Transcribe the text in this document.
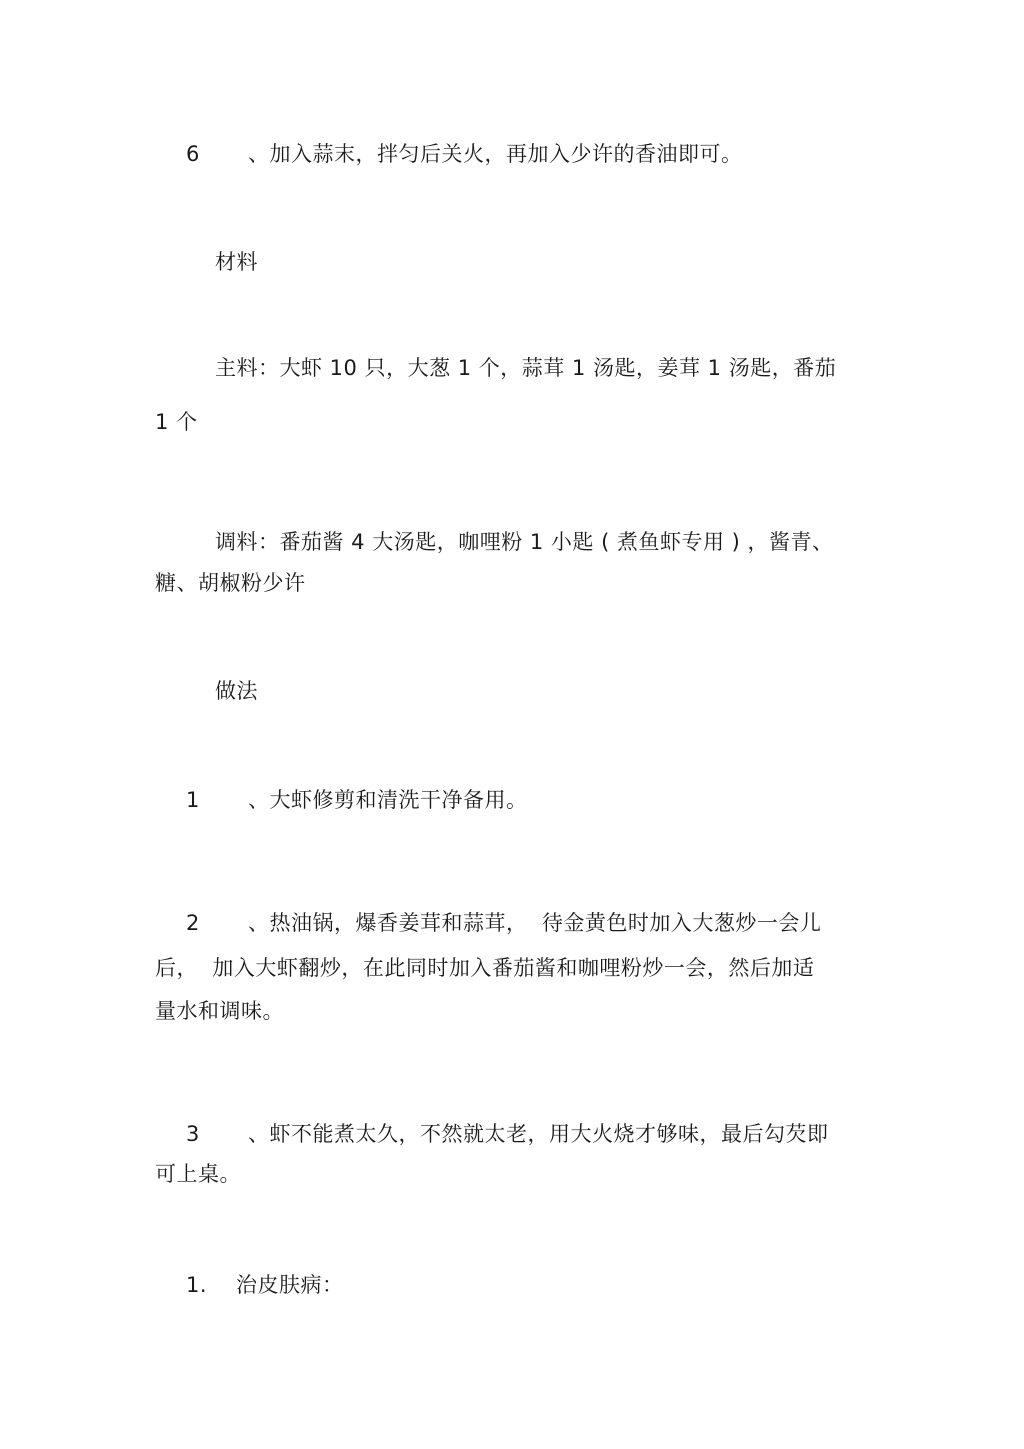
6 、加入蒜末，拌匀后关火，再加入少许的香油即可。
材料
主料：大虾 10 只，大葱 1 个，蒜茸 1 汤匙，姜茸 1 汤匙，番茄
1 个
调料：番茄酱 4 大汤匙，咖哩粉 1 小匙 ( 煮鱼虾专用 ) ，酱青、
糖、胡椒粉少许
做法
1 、大虾修剪和清洗干净备用。
2 、热油锅，爆香姜茸和蒜茸，  待金黄色时加入大葱炒一会儿
后，  加入大虾翻炒，在此同时加入番茄酱和咖哩粉炒一会，然后加适
量水和调味。
3 、虾不能煮太久，不然就太老，用大火烧才够味，最后勾芡即
可上桌。
1. 治皮肤病：
